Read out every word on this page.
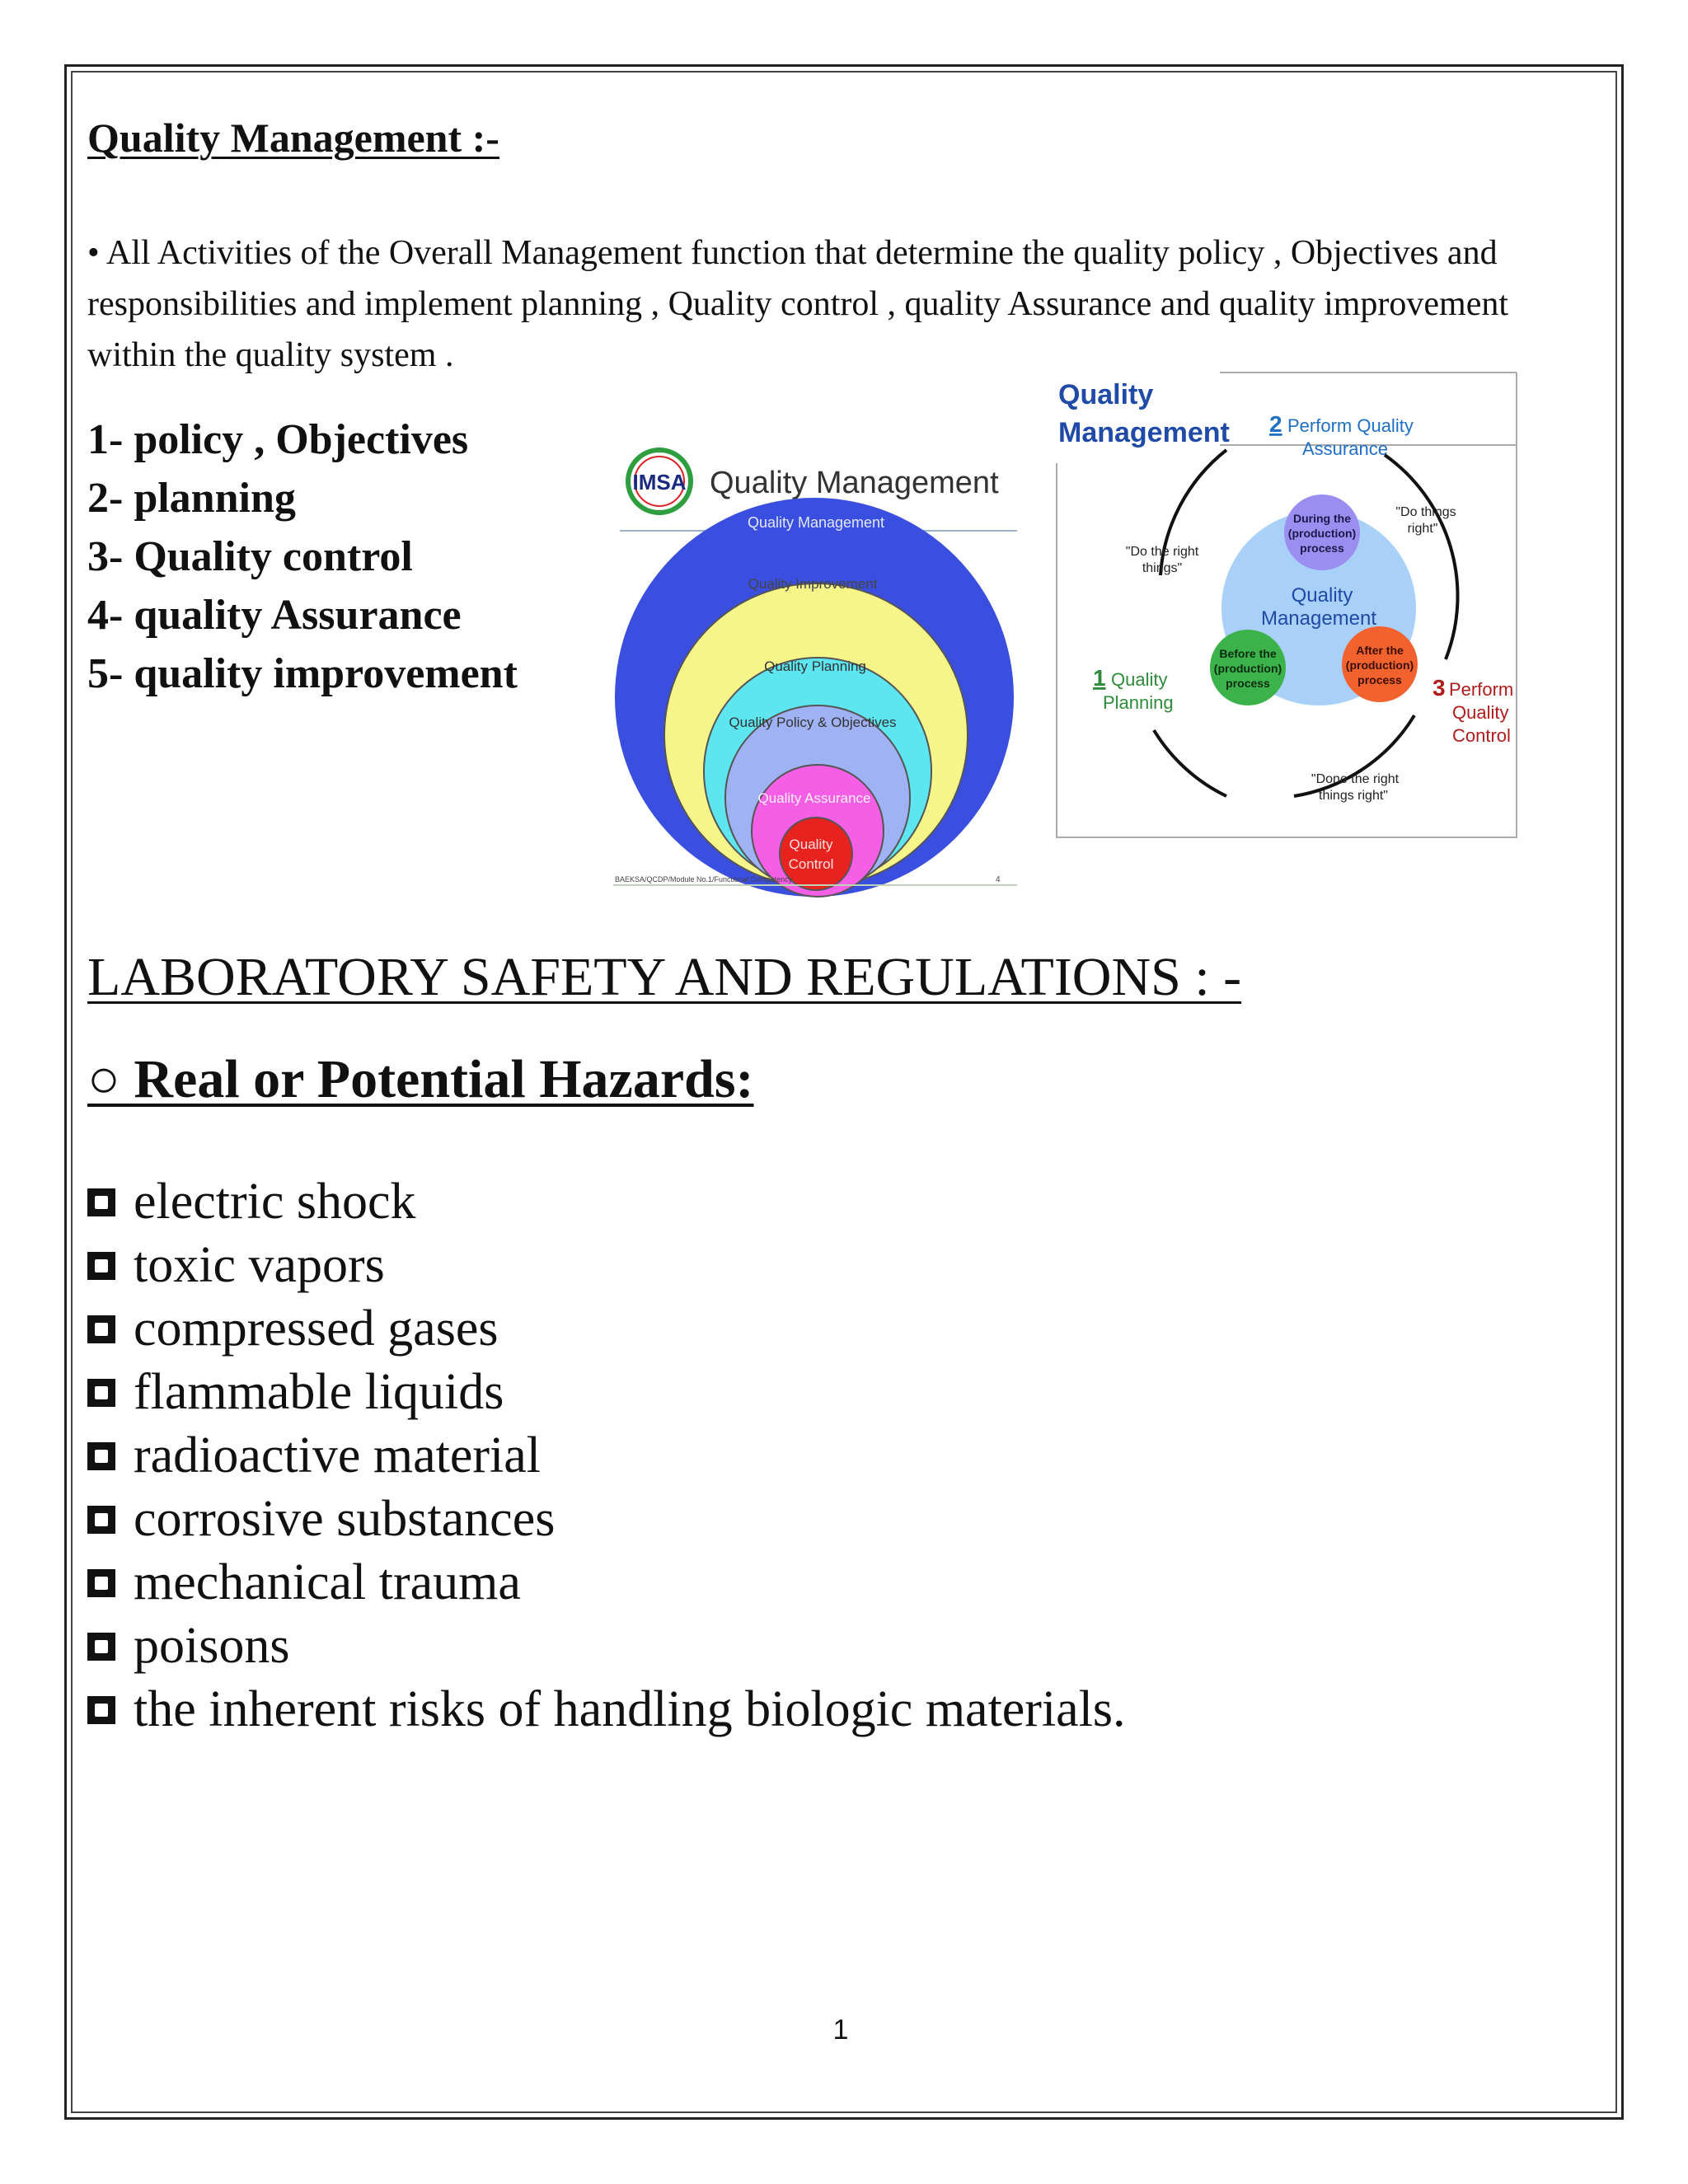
Quality Management :-
• All Activities of the Overall Management function that determine the quality policy , Objectives and responsibilities and implement planning , Quality control , quality Assurance and quality improvement within the quality system .
1- policy , Objectives
2- planning
3- Quality control
4- quality Assurance
5- quality improvement
IMSA Quality Management
Quality Management
Quality Improvement
Quality Planning
Quality Policy & Objectives
Quality Assurance
Quality
Control
BAEKSA/QCDP/Module No.1/Functional Competency	4
Quality
Management 2 Perform Quality
Assurance
1 Quality
Planning
3 Perform
Quality
Control
"Do the right
things"
"Do things
right"
"Done the right
things right"
Quality
Management
During the
(production)
process
Before the
(production)
process
After the
(production)
process
LABORATORY SAFETY AND REGULATIONS : -
○ Real or Potential Hazards:
electric shock
toxic vapors
compressed gases
flammable liquids
radioactive material
corrosive substances
mechanical trauma
poisons
the inherent risks of handling biologic materials.
1
